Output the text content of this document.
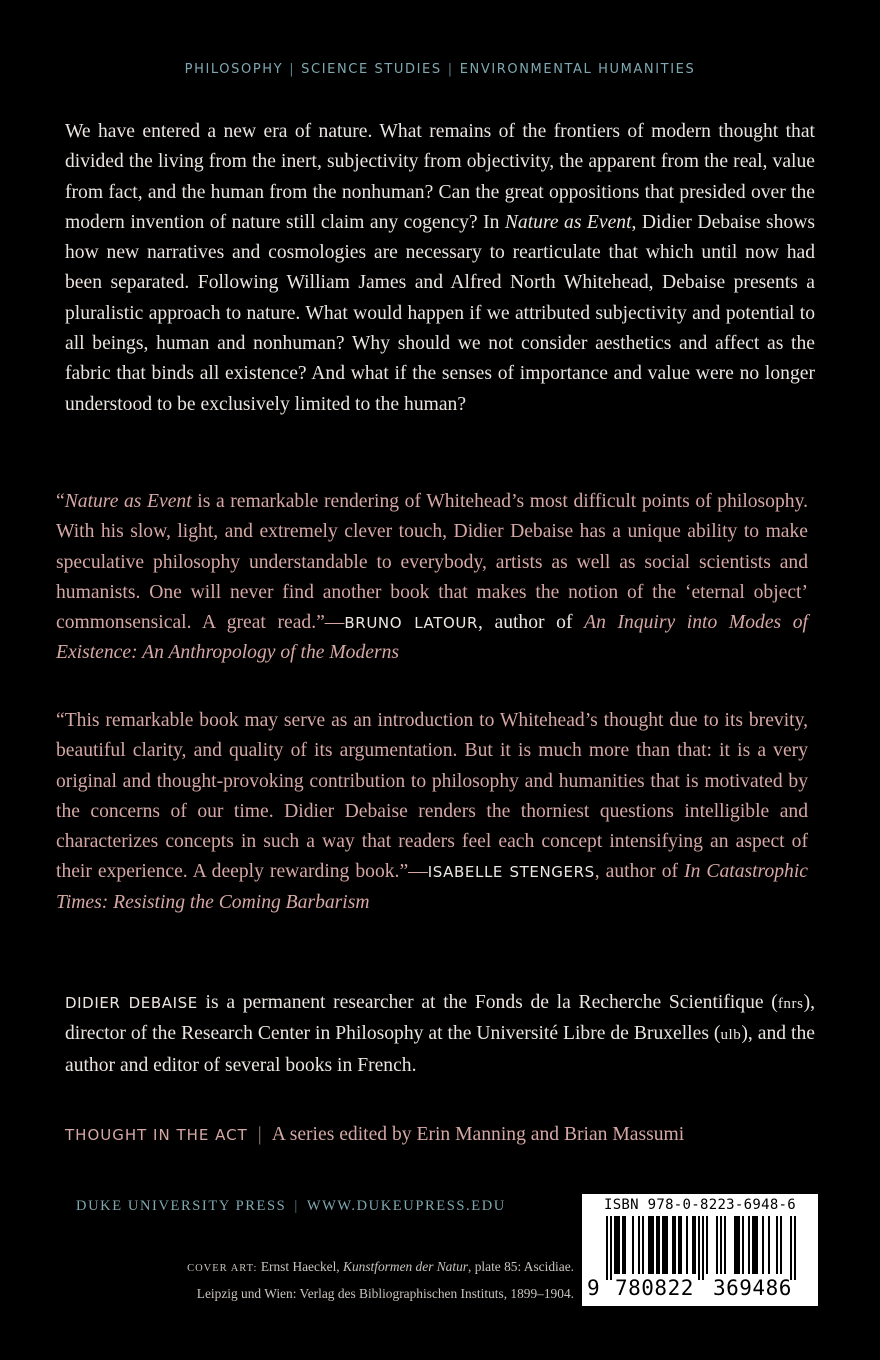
PHILOSOPHY | SCIENCE STUDIES | ENVIRONMENTAL HUMANITIES

We have entered a new era of nature. What remains of the frontiers of modern thought that divided the living from the inert, subjectivity from objectivity, the apparent from the real, value from fact, and the human from the nonhuman? Can the great oppositions that presided over the modern invention of nature still claim any cogency? In Nature as Event, Didier Debaise shows how new narratives and cosmologies are necessary to rearticulate that which until now had been separated. Following William James and Alfred North Whitehead, Debaise presents a pluralistic approach to nature. What would happen if we attributed subjectivity and potential to all beings, human and nonhuman? Why should we not consider aesthetics and affect as the fabric that binds all existence? And what if the senses of importance and value were no longer understood to be exclusively limited to the human?

“Nature as Event is a remarkable rendering of Whitehead’s most difficult points of philosophy. With his slow, light, and extremely clever touch, Didier Debaise has a unique ability to make speculative philosophy understandable to everybody, artists as well as social scientists and humanists. One will never find another book that makes the notion of the ‘eternal object’ commonsensical. A great read.”—BRUNO LATOUR, author of An Inquiry into Modes of Existence: An Anthropology of the Moderns

“This remarkable book may serve as an introduction to Whitehead’s thought due to its brevity, beautiful clarity, and quality of its argumentation. But it is much more than that: it is a very original and thought-provoking contribution to philosophy and humanities that is motivated by the concerns of our time. Didier Debaise renders the thorniest questions intelligible and characterizes concepts in such a way that readers feel each concept intensifying an aspect of their experience. A deeply rewarding book.”—ISABELLE STENGERS, author of In Catastrophic Times: Resisting the Coming Barbarism

DIDIER DEBAISE is a permanent researcher at the Fonds de la Recherche Scientifique (fnrs), director of the Research Center in Philosophy at the Université Libre de Bruxelles (ulb), and the author and editor of several books in French.

THOUGHT IN THE ACT | A series edited by Erin Manning and Brian Massumi
DUKE UNIVERSITY PRESS | WWW.DUKEUPRESS.EDU
COVER ART: Ernst Haeckel, Kunstformen der Natur, plate 85: Ascidiae.
Leipzig und Wien: Verlag des Bibliographischen Instituts, 1899–1904.
ISBN 978-0-8223-6948-6
9 780822 369486
